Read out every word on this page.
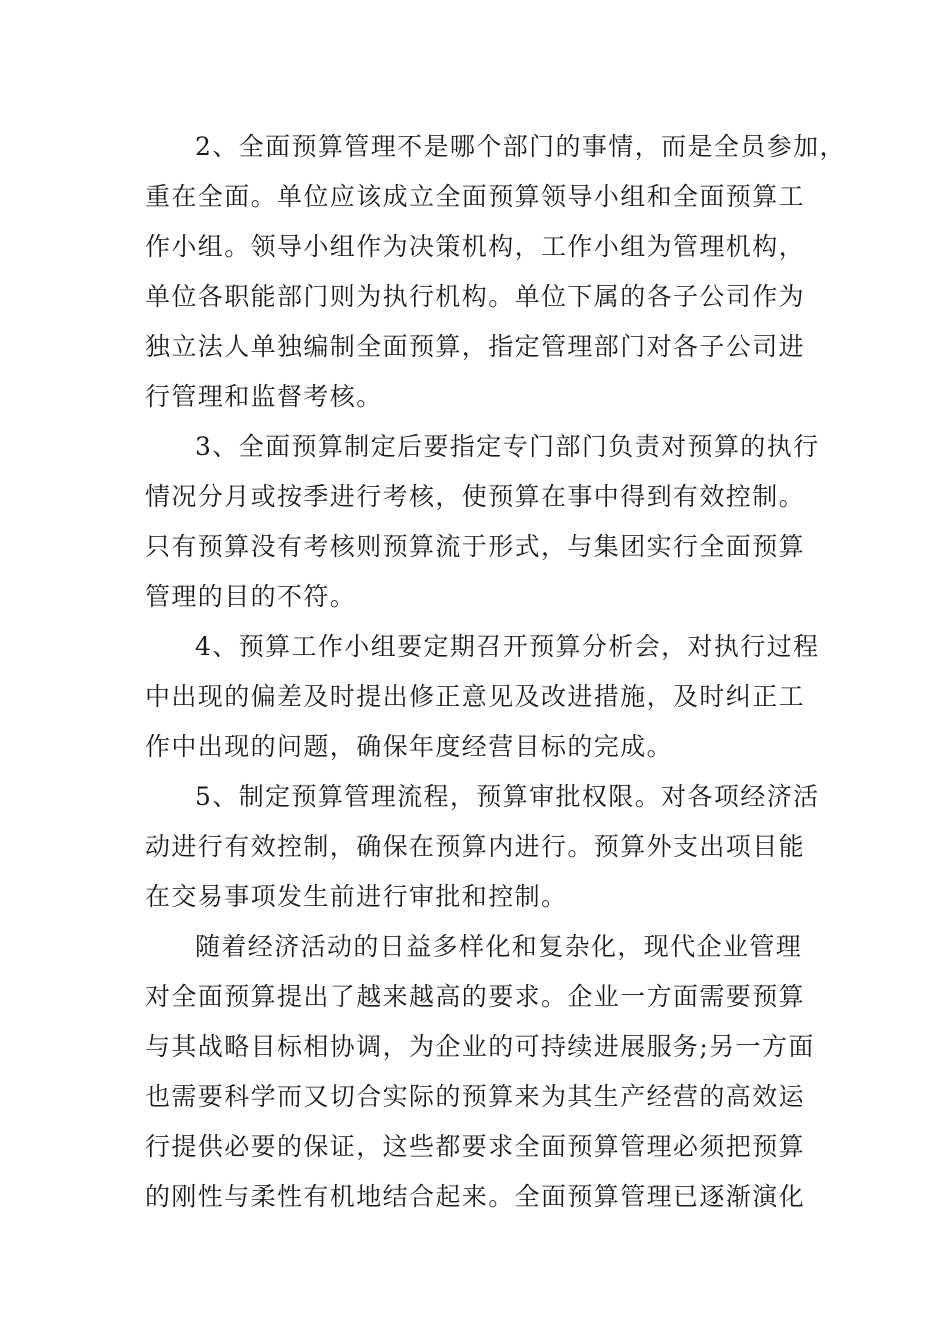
2、全面预算管理不是哪个部门的事情，而是全员参加，
重在全面。单位应该成立全面预算领导小组和全面预算工
作小组。领导小组作为决策机构，工作小组为管理机构，
单位各职能部门则为执行机构。单位下属的各子公司作为
独立法人单独编制全面预算，指定管理部门对各子公司进
行管理和监督考核。

3、全面预算制定后要指定专门部门负责对预算的执行
情况分月或按季进行考核，使预算在事中得到有效控制。
只有预算没有考核则预算流于形式，与集团实行全面预算
管理的目的不符。

4、预算工作小组要定期召开预算分析会，对执行过程
中出现的偏差及时提出修正意见及改进措施，及时纠正工
作中出现的问题，确保年度经营目标的完成。

5、制定预算管理流程，预算审批权限。对各项经济活
动进行有效控制，确保在预算内进行。预算外支出项目能
在交易事项发生前进行审批和控制。

随着经济活动的日益多样化和复杂化，现代企业管理
对全面预算提出了越来越高的要求。企业一方面需要预算
与其战略目标相协调，为企业的可持续进展服务;另一方面
也需要科学而又切合实际的预算来为其生产经营的高效运
行提供必要的保证，这些都要求全面预算管理必须把预算
的刚性与柔性有机地结合起来。全面预算管理已逐渐演化
